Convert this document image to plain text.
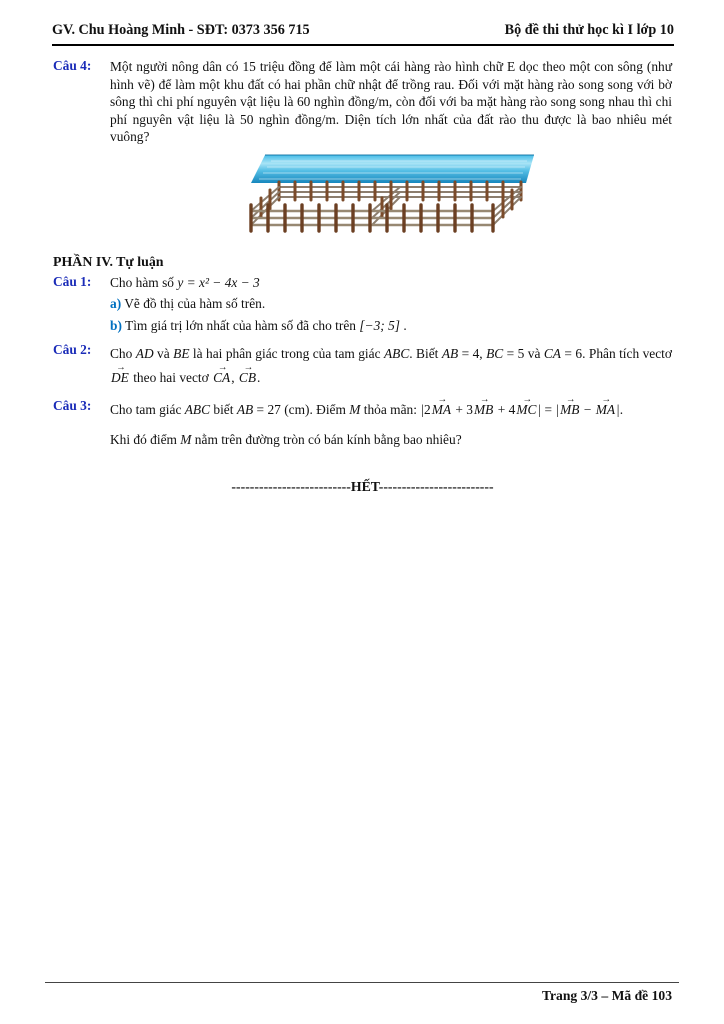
GV. Chu Hoàng Minh - SĐT: 0373 356 715	Bộ đề thi thử học kì I lớp 10
Câu 4:	Một người nông dân có 15 triệu đồng để làm một cái hàng rào hình chữ E dọc theo một con sông (như hình vẽ) để làm một khu đất có hai phần chữ nhật để trồng rau. Đối với mặt hàng rào song song với bờ sông thì chi phí nguyên vật liệu là 60 nghìn đồng/m, còn đối với ba mặt hàng rào song song nhau thì chi phí nguyên vật liệu là 50 nghìn đồng/m. Diện tích lớn nhất của đất rào thu được là bao nhiêu mét vuông?
PHẦN IV. Tự luận
Câu 1:	Cho hàm số y = x² − 4x − 3
a) Vẽ đồ thị của hàm số trên.
b) Tìm giá trị lớn nhất của hàm số đã cho trên [−3; 5] .
Câu 2:	Cho AD và BE là hai phân giác trong của tam giác ABC. Biết AB = 4, BC = 5 và CA = 6. Phân tích vectơ DE → theo hai vectơ CA →, CB →.
Câu 3:	Cho tam giác ABC biết AB = 27 (cm). Điểm M thỏa mãn: |2MA → + 3MB → + 4MC →| = |MB → − MA →|.
Khi đó điểm M nằm trên đường tròn có bán kính bằng bao nhiêu?
--------------------------HẾT-------------------------
Trang 3/3 – Mã đề 103
